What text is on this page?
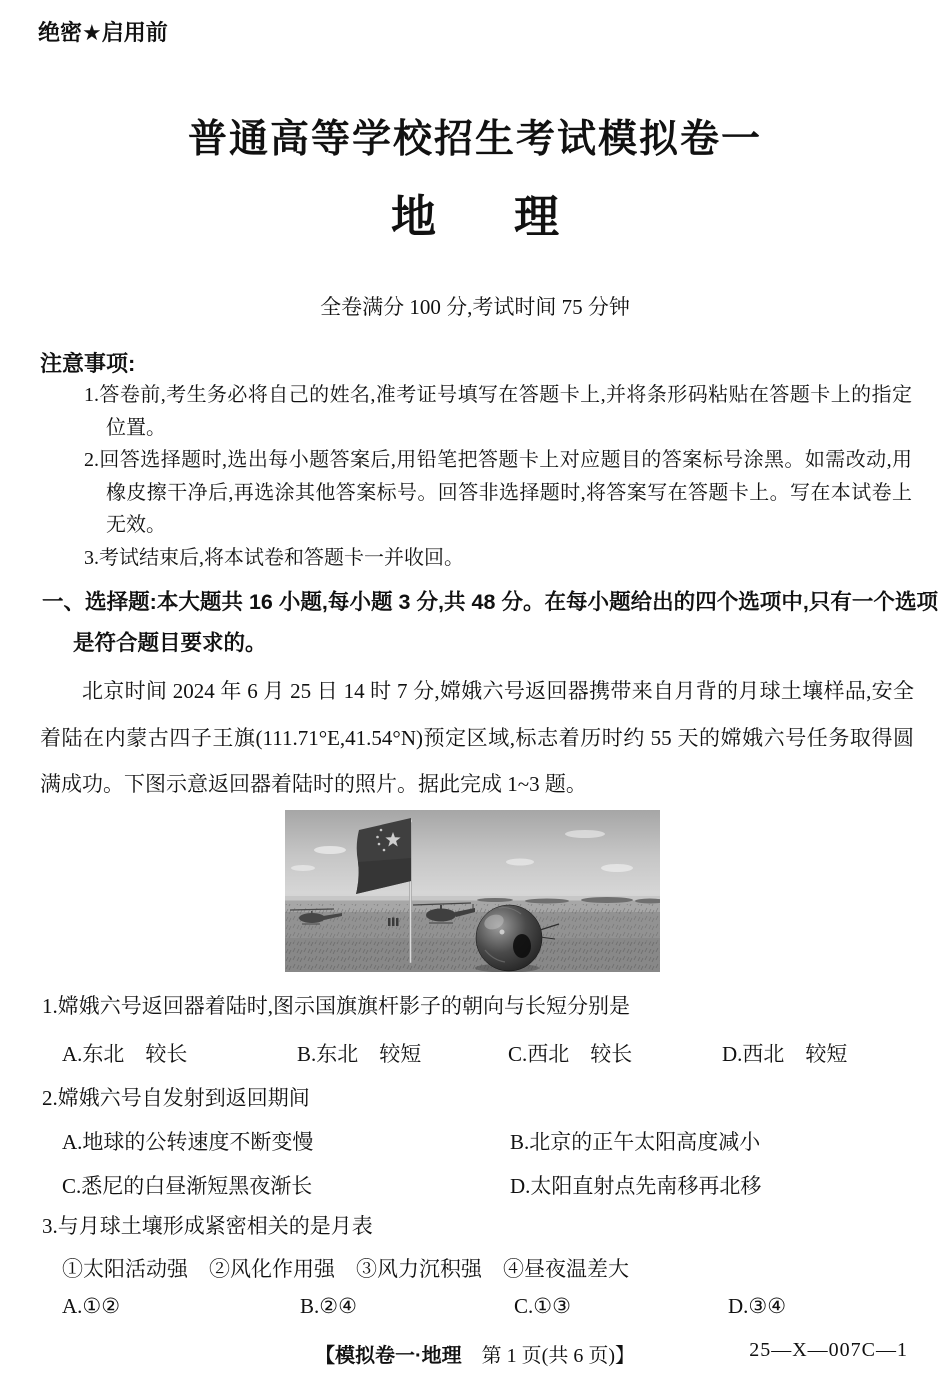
绝密★启用前
普通高等学校招生考试模拟卷一
地理
全卷满分 100 分,考试时间 75 分钟
注意事项:
1.答卷前,考生务必将自己的姓名,准考证号填写在答题卡上,并将条形码粘贴在答题卡上的指定位置。
2.回答选择题时,选出每小题答案后,用铅笔把答题卡上对应题目的答案标号涂黑。如需改动,用橡皮擦干净后,再选涂其他答案标号。回答非选择题时,将答案写在答题卡上。写在本试卷上无效。
3.考试结束后,将本试卷和答题卡一并收回。
一、选择题:本大题共 16 小题,每小题 3 分,共 48 分。在每小题给出的四个选项中,只有一个选项是符合题目要求的。
北京时间 2024 年 6 月 25 日 14 时 7 分,嫦娥六号返回器携带来自月背的月球土壤样品,安全着陆在内蒙古四子王旗(111.71°E,41.54°N)预定区域,标志着历时约 55 天的嫦娥六号任务取得圆满成功。下图示意返回器着陆时的照片。据此完成 1~3 题。
1.嫦娥六号返回器着陆时,图示国旗旗杆影子的朝向与长短分别是
A.东北　较长	B.东北　较短	C.西北　较长	D.西北　较短
2.嫦娥六号自发射到返回期间
A.地球的公转速度不断变慢	B.北京的正午太阳高度减小
C.悉尼的白昼渐短黑夜渐长	D.太阳直射点先南移再北移
3.与月球土壤形成紧密相关的是月表
①太阳活动强　②风化作用强　③风力沉积强　④昼夜温差大
A.①②	B.②④	C.①③	D.③④
【模拟卷一·地理　第 1 页(共 6 页)】	25—X—007C—1
